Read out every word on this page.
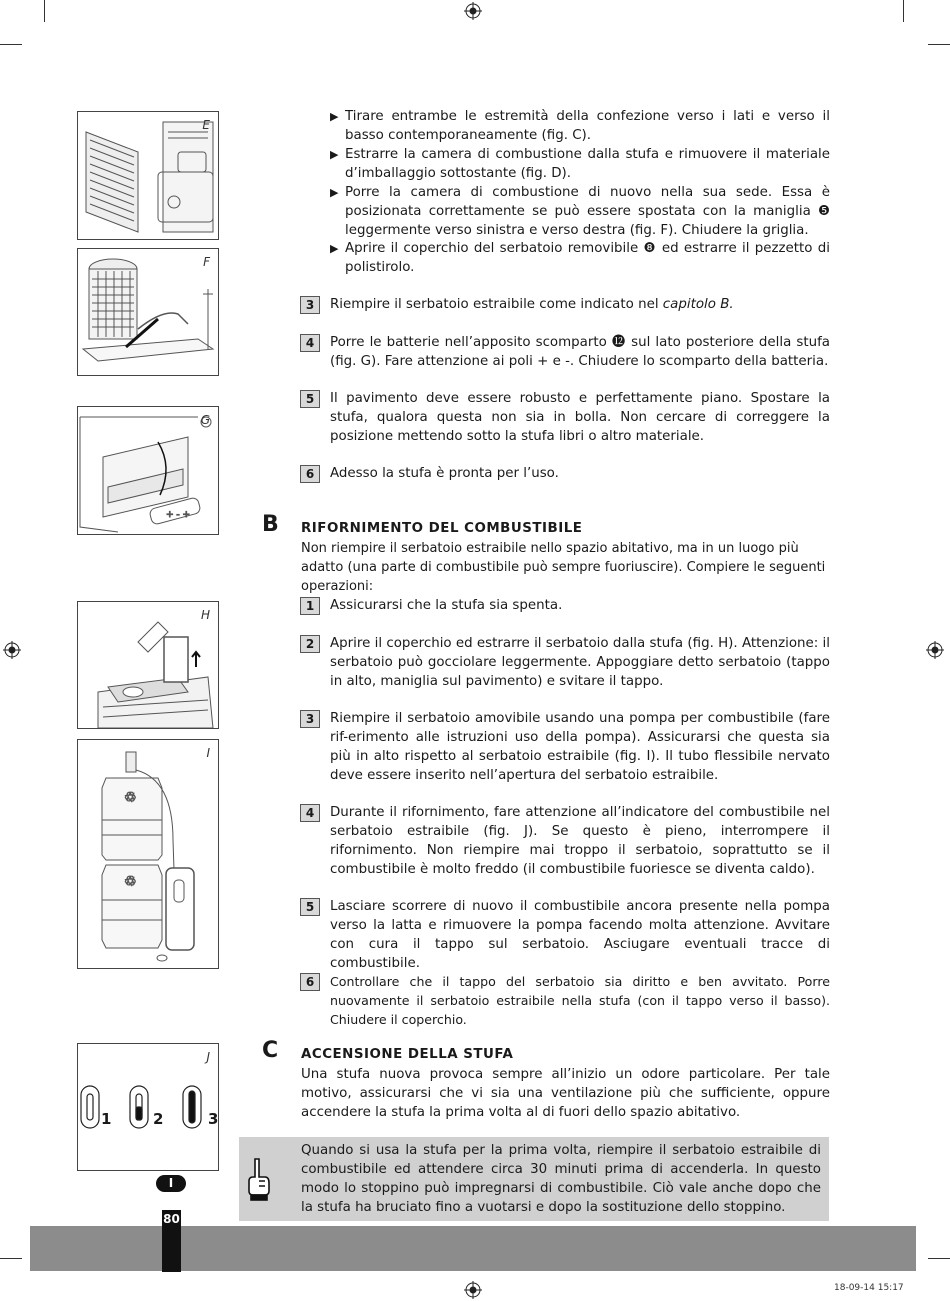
E
F
G
+ - +
H
I
♲
♲
J
1	2	3
▶ Tirare entrambe le estremità della confezione verso i lati e verso il basso contemporaneamente (fig. C).
▶ Estrarre la camera di combustione dalla stufa e rimuovere il materiale d’imballaggio sottostante (fig. D).
▶ Porre la camera di combustione di nuovo nella sua sede. Essa è posizionata correttamente se può essere spostata con la maniglia ❺ leggermente verso sinistra e verso destra (fig. F). Chiudere la griglia.
▶ Aprire il coperchio del serbatoio removibile ❽ ed estrarre il pezzetto di polistirolo.
3	Riempire il serbatoio estraibile come indicato nel capitolo B.
4	Porre le batterie nell’apposito scomparto ⓬ sul lato posteriore della stufa (fig. G). Fare attenzione ai poli + e -. Chiudere lo scomparto della batteria.
5	Il pavimento deve essere robusto e perfettamente piano. Spostare la stufa, qualora questa non sia in bolla. Non cercare di correggere la posizione mettendo sotto la stufa libri o altro materiale.
6	Adesso la stufa è pronta per l’uso.
B RIFORNIMENTO DEL COMBUSTIBILE
Non riempire il serbatoio estraibile nello spazio abitativo, ma in un luogo più adatto (una parte di combustibile può sempre fuoriuscire). Compiere le seguenti operazioni:
1	Assicurarsi che la stufa sia spenta.
2	Aprire il coperchio ed estrarre il serbatoio dalla stufa (fig. H). Attenzione: il serbatoio può gocciolare leggermente. Appoggiare detto serbatoio (tappo in alto, maniglia sul pavimento) e svitare il tappo.
3	Riempire il serbatoio amovibile usando una pompa per combustibile (fare rif-erimento alle istruzioni uso della pompa). Assicurarsi che questa sia più in alto rispetto al serbatoio estraibile (fig. I). Il tubo flessibile nervato deve essere inserito nell’apertura del serbatoio estraibile.
4	Durante il rifornimento, fare attenzione all’indicatore del combustibile nel serbatoio estraibile (fig. J). Se questo è pieno, interrompere il rifornimento. Non riempire mai troppo il serbatoio, soprattutto se il combustibile è molto freddo (il combustibile fuoriesce se diventa caldo).
5	Lasciare scorrere di nuovo il combustibile ancora presente nella pompa verso la latta e rimuovere la pompa facendo molta attenzione. Avvitare con cura il tappo sul serbatoio. Asciugare eventuali tracce di combustibile.
6	Controllare che il tappo del serbatoio sia diritto e ben avvitato. Porre nuovamente il serbatoio estraibile nella stufa (con il tappo verso il basso). Chiudere il coperchio.
C ACCENSIONE DELLA STUFA
Una stufa nuova provoca sempre all’inizio un odore particolare. Per tale motivo, assicurarsi che vi sia una ventilazione più che sufficiente, oppure accendere la stufa la prima volta al di fuori dello spazio abitativo.
Quando si usa la stufa per la prima volta, riempire il serbatoio estraibile di combustibile ed attendere circa 30 minuti prima di accenderla. In questo modo lo stoppino può impregnarsi di combustibile. Ciò vale anche dopo che la stufa ha bruciato fino a vuotarsi e dopo la sostituzione dello stoppino.
80
I
18-09-14 15:17
